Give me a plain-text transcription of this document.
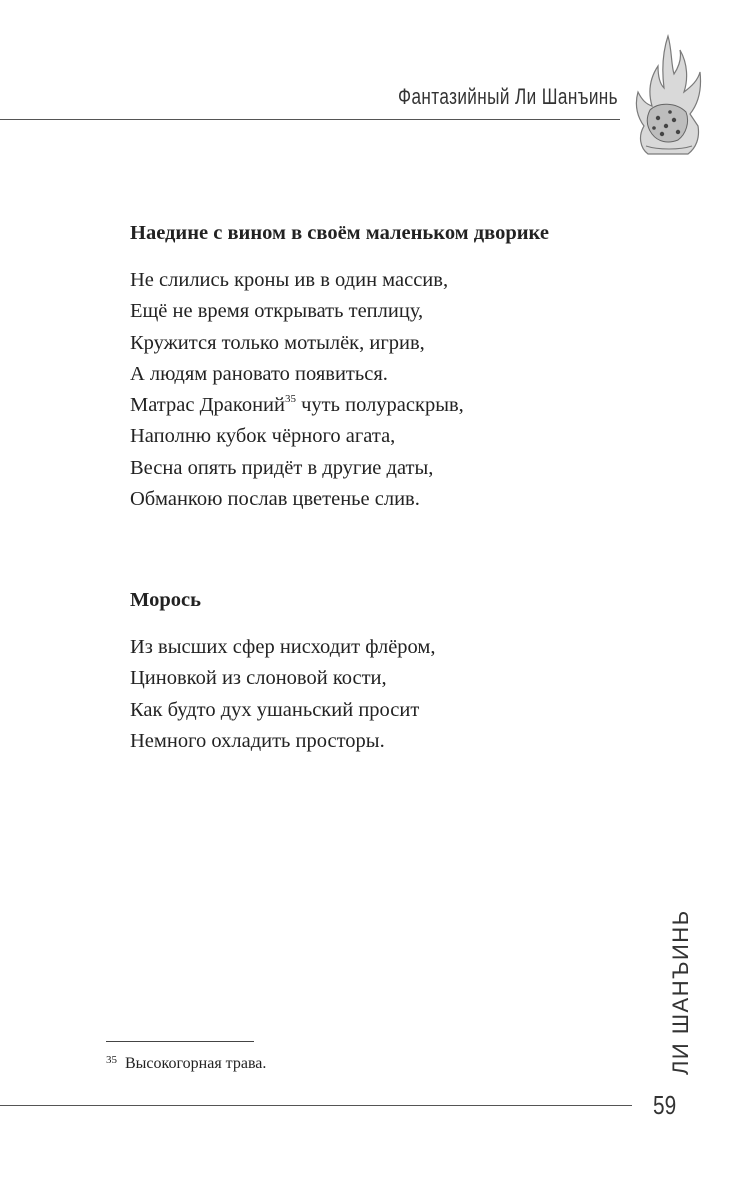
Фантазийный Ли Шанъинь
Наедине с вином в своём маленьком дворике
Не слились кроны ив в один массив,
Ещё не время открывать теплицу,
Кружится только мотылёк, игрив,
А людям рановато появиться.
Матрас Драконий$^{35}$ чуть полураскрыв,
Наполню кубок чёрного агата,
Весна опять придёт в другие даты,
Обманкою послав цветенье слив.
Морось
Из высших сфер нисходит флёром,
Циновкой из слоновой кости,
Как будто дух ушаньский просит
Немного охладить просторы.
$^{35}$ Высокогорная трава.	ЛИ ШАНЪИНЬ
59
